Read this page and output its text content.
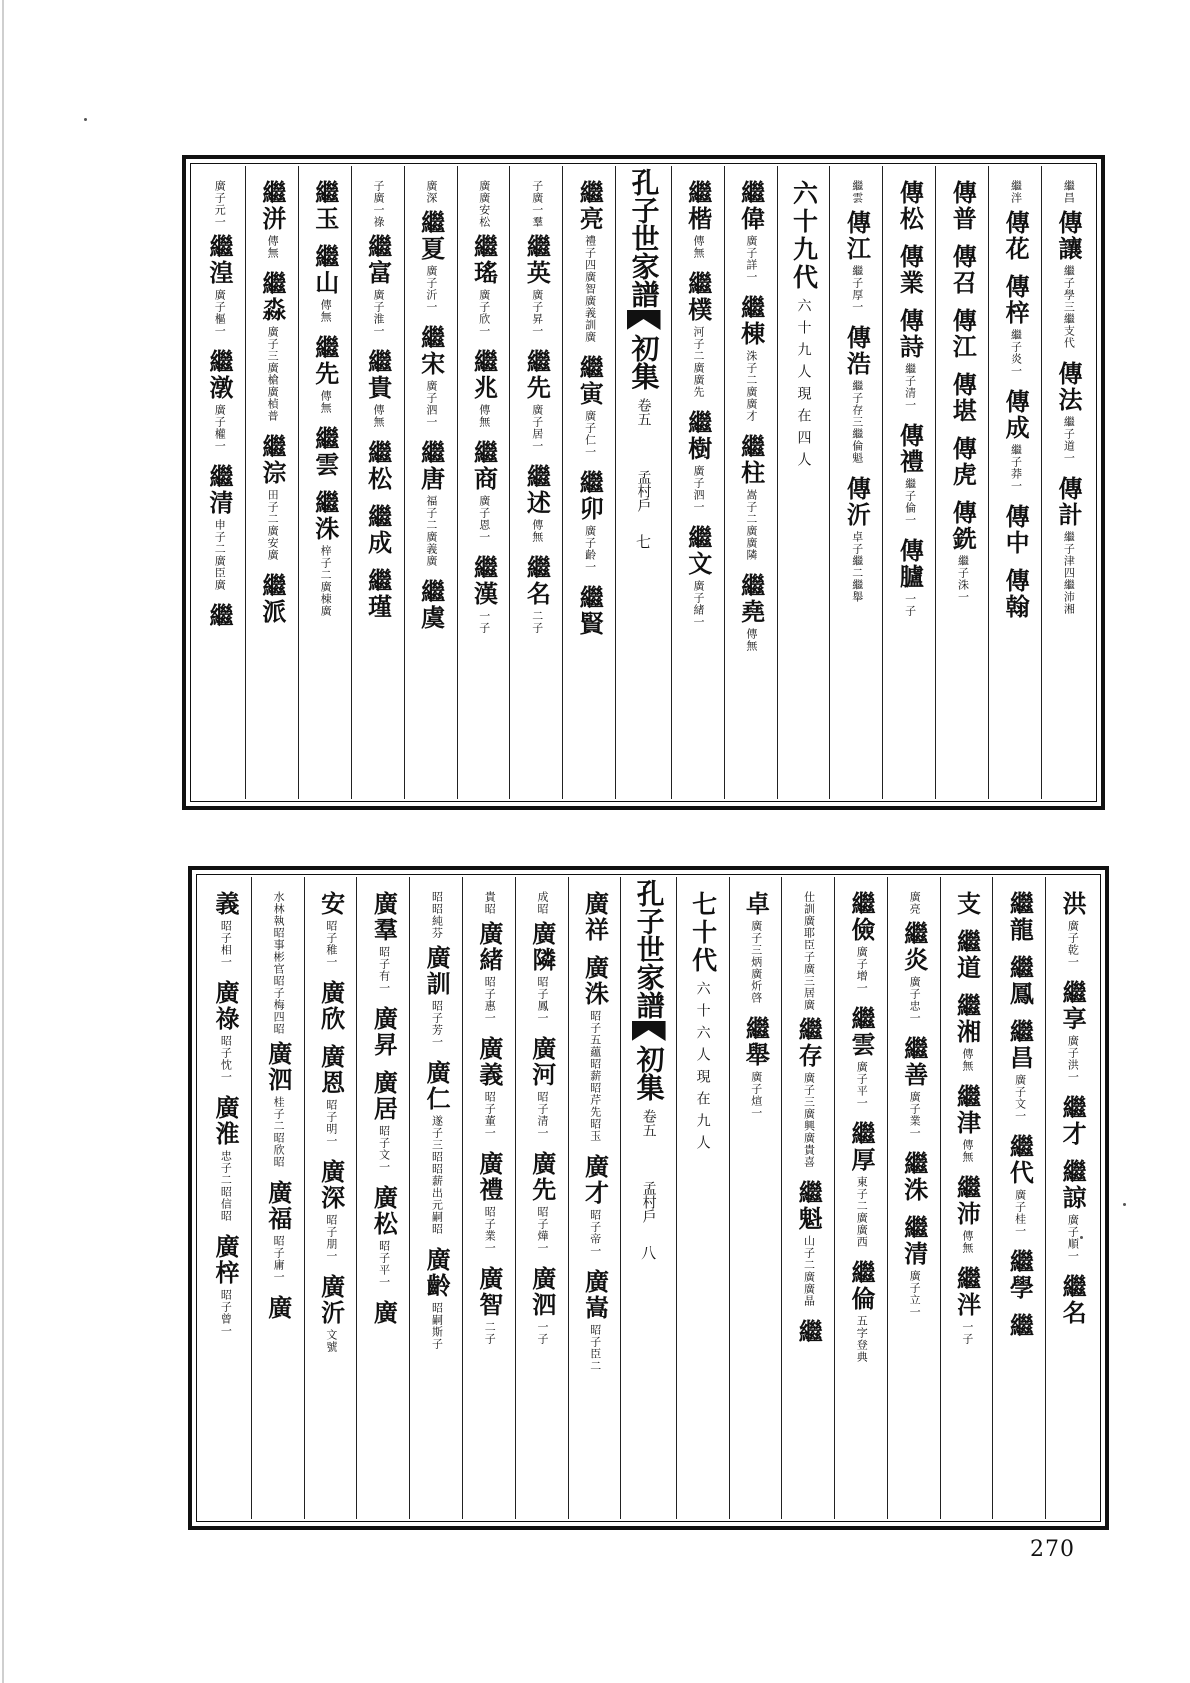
繼昌
傳讓
繼子學三繼支代
傳法
繼子道一
傳計
繼子津四繼沛湘
繼泮
傳花
傳梓
繼子炎一
傳成
繼子莽一
傳中
傳翰
傳普
傳召
傳江
傳堪
傳虎
傳銑
繼子洙一
傳松
傳業
傳詩
繼子清一
傳禮
繼子倫一
傳臚
一子
繼雲
傳江
繼子厚一
傳浩
繼子存三繼倫魁
傳沂
卓子繼二繼舉
六十九代
六十九人現在四人
繼偉
廣子詳一
繼棟
洙子二廣廣才
繼柱
嵩子二廣廣隣
繼堯
傳無
繼楷
傳無
繼樸
河子二廣廣先
繼樹
廣子泗一
繼文
廣子緒一
孔子世家譜
初集
卷五
孟村戶
七
繼亮
禮子四廣智廣義訓廣
繼寅
廣子仁一
繼卯
廣子齡一
繼賢
子廣一羣
繼英
廣子昇一
繼先
廣子居一
繼述
傳無
繼名
二子
廣廣安松
繼瑤
廣子欣一
繼兆
傳無
繼商
廣子恩一
繼漢
一子
廣深
繼夏
廣子沂一
繼宋
廣子泗一
繼唐
福子二廣義廣
繼虞
子廣一祿
繼富
廣子淮一
繼貴
傳無
繼松
繼成
繼瑾
繼玉
繼山
傳無
繼先
傳無
繼雲
繼洙
梓子二廣棟廣
繼洴
傳無
繼淼
廣子三廣槍廣楨普
繼淙
田子二廣安廣
繼派
廣子元一
繼湟
廣子樞一
繼潡
廣子權一
繼清
申子二廣臣廣
繼
洪
廣子乾一
繼享
廣子洪一
繼才
繼諒
廣子順一
繼名
繼龍
繼鳳
繼昌
廣子文一
繼代
廣子桂一
繼學
繼
支
繼道
繼湘
傳無
繼津
傳無
繼沛
傳無
繼泮
一子
廣亮
繼炎
廣子忠一
繼善
廣子業一
繼洙
繼清
廣子立一
繼儉
廣子增一
繼雲
廣子平一
繼厚
東子二廣廣西
繼倫
五字登典
仕訓廣耶臣子廣三居廣
繼存
廣子三廣興廣貴喜
繼魁
山子二廣廣晶
繼
卓
廣子三炳廣炘啓
繼舉
廣子煊一
七十代
六十六人現在九人
孔子世家譜
初集
卷五
孟村戶
八
廣祥
廣洙
昭子五藴昭薪昭芹先昭玉
廣才
昭子帝一
廣嵩
昭子臣二
成昭
廣隣
昭子鳳一
廣河
昭子清一
廣先
昭子燁一
廣泗
一子
貴昭
廣緒
昭子惠一
廣義
昭子董一
廣禮
昭子業一
廣智
二子
昭昭純芬
廣訓
昭子芳一
廣仁
遂子三昭昭薪出元嗣昭
廣齡
昭嗣斯子
廣羣
昭子有一
廣昇
廣居
昭子文一
廣松
昭子平一
廣
安
昭子稚一
廣欣
廣恩
昭子明一
廣深
昭子朋一
廣沂
文號
水林執昭事彬官昭子梅四昭
廣泗
桂子二昭欣昭
廣福
昭子庸一
廣
義
昭子相一
廣祿
昭子忱一
廣淮
忠子二昭信昭
廣梓
昭子曾一
270
